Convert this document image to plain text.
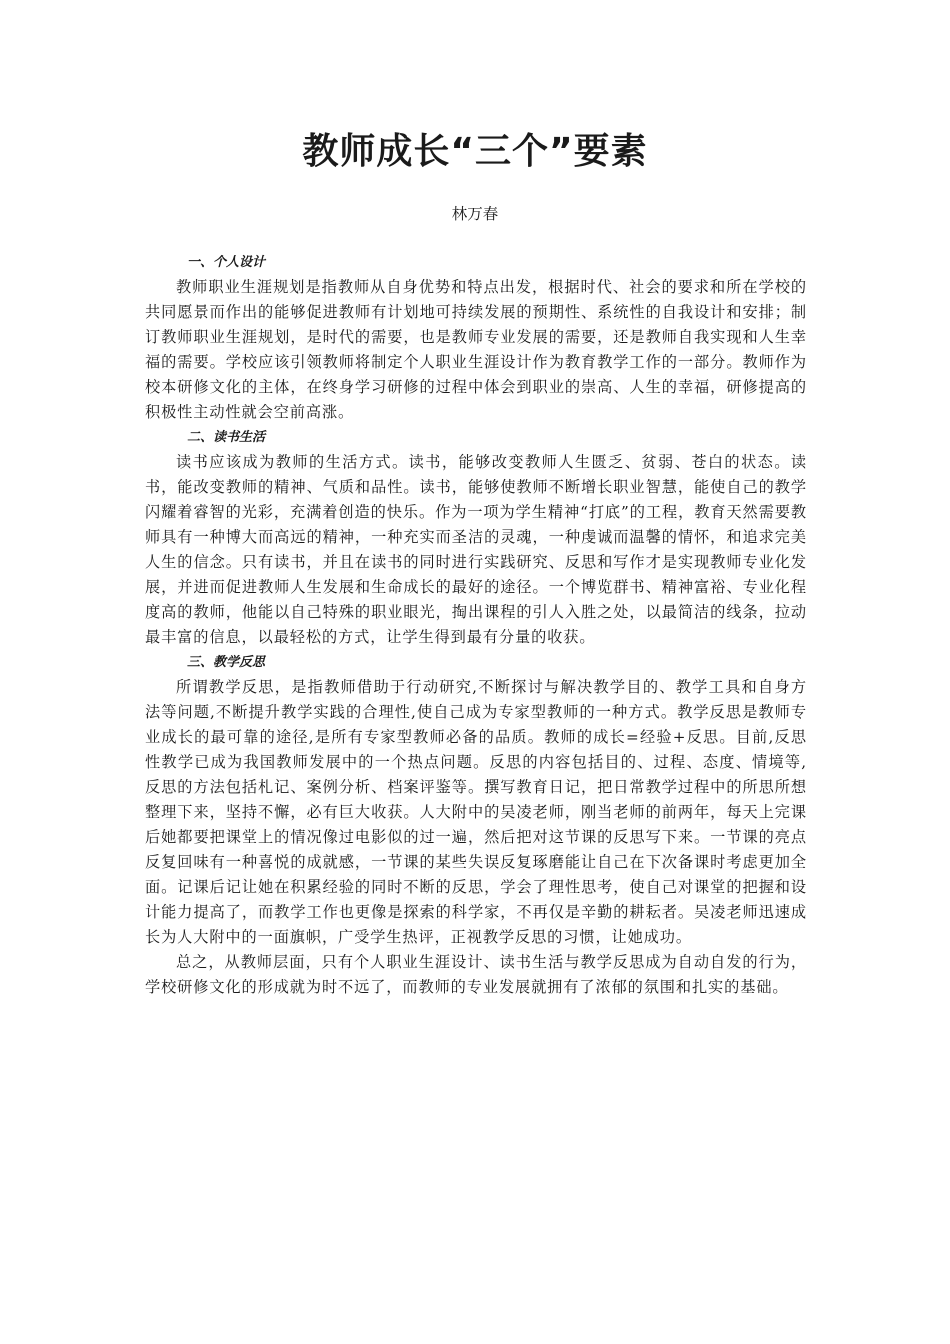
教师成长“三个”要素
林万春
一、个人设计

教师职业生涯规划是指教师从自身优势和特点出发，根据时代、社会的要求和所在学校的共同愿景而作出的能够促进教师有计划地可持续发展的预期性、系统性的自我设计和安排；制订教师职业生涯规划，是时代的需要，也是教师专业发展的需要，还是教师自我实现和人生幸福的需要。学校应该引领教师将制定个人职业生涯设计作为教育教学工作的一部分。教师作为校本研修文化的主体，在终身学习研修的过程中体会到职业的崇高、人生的幸福，研修提高的积极性主动性就会空前高涨。

二、读书生活

读书应该成为教师的生活方式。读书，能够改变教师人生匮乏、贫弱、苍白的状态。读书，能改变教师的精神、气质和品性。读书，能够使教师不断增长职业智慧，能使自己的教学闪耀着睿智的光彩，充满着创造的快乐。作为一项为学生精神“打底”的工程，教育天然需要教师具有一种博大而高远的精神，一种充实而圣洁的灵魂，一种虔诚而温馨的情怀，和追求完美人生的信念。只有读书，并且在读书的同时进行实践研究、反思和写作才是实现教师专业化发展，并进而促进教师人生发展和生命成长的最好的途径。一个博览群书、精神富裕、专业化程度高的教师，他能以自己特殊的职业眼光，掏出课程的引人入胜之处，以最简洁的线条，拉动最丰富的信息，以最轻松的方式，让学生得到最有分量的收获。

三、教学反思

所谓教学反思，是指教师借助于行动研究,不断探讨与解决教学目的、教学工具和自身方法等问题,不断提升教学实践的合理性,使自己成为专家型教师的一种方式。教学反思是教师专业成长的最可靠的途径,是所有专家型教师必备的品质。教师的成长=经验+反思。目前,反思性教学已成为我国教师发展中的一个热点问题。反思的内容包括目的、过程、态度、情境等,反思的方法包括札记、案例分析、档案评鉴等。撰写教育日记，把日常教学过程中的所思所想整理下来，坚持不懈，必有巨大收获。人大附中的吴凌老师，刚当老师的前两年，每天上完课后她都要把课堂上的情况像过电影似的过一遍，然后把对这节课的反思写下来。一节课的亮点反复回味有一种喜悦的成就感，一节课的某些失误反复琢磨能让自己在下次备课时考虑更加全面。记课后记让她在积累经验的同时不断的反思，学会了理性思考，使自己对课堂的把握和设计能力提高了，而教学工作也更像是探索的科学家，不再仅是辛勤的耕耘者。吴凌老师迅速成长为人大附中的一面旗帜，广受学生热评，正视教学反思的习惯，让她成功。

总之，从教师层面，只有个人职业生涯设计、读书生活与教学反思成为自动自发的行为，学校研修文化的形成就为时不远了，而教师的专业发展就拥有了浓郁的氛围和扎实的基础。
